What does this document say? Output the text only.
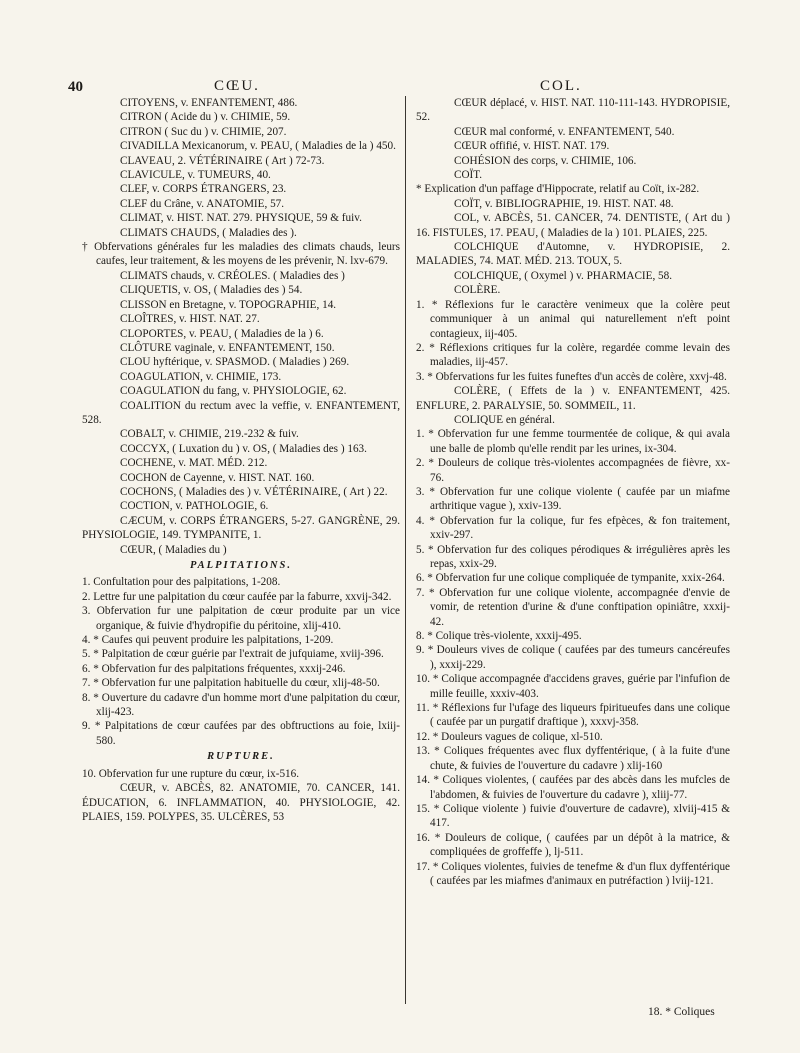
40	CŒU.	COL.

CITOYENS, v. ENFANTEMENT, 486.

CITRON ( Acide du ) v. CHIMIE, 59.

CITRON ( Suc du ) v. CHIMIE, 207.

CIVADILLA Mexicanorum, v. PEAU, ( Maladies de la ) 450.

CLAVEAU, 2. VÉTÉRINAIRE ( Art ) 72-73.

CLAVICULE, v. TUMEURS, 40.

CLEF, v. CORPS ÉTRANGERS, 23.

CLEF du Crâne, v. ANATOMIE, 57.

CLIMAT, v. HIST. NAT. 279. PHYSIQUE, 59 & fuiv.

CLIMATS CHAUDS, ( Maladies des ).

† Obfervations générales fur les maladies des climats chauds, leurs caufes, leur traitement, & les moyens de les prévenir, N. lxv-679.

CLIMATS chauds, v. CRÉOLES. ( Maladies des )

CLIQUETIS, v. OS, ( Maladies des ) 54.

CLISSON en Bretagne, v. TOPOGRAPHIE, 14.

CLOÎTRES, v. HIST. NAT. 27.

CLOPORTES, v. PEAU, ( Maladies de la ) 6.

CLÔTURE vaginale, v. ENFANTEMENT, 150.

CLOU hyftérique, v. SPASMOD. ( Maladies ) 269.

COAGULATION, v. CHIMIE, 173.

COAGULATION du fang, v. PHYSIOLOGIE, 62.

COALITION du rectum avec la veffie, v. ENFANTEMENT, 528.

COBALT, v. CHIMIE, 219.-232 & fuiv.

COCCYX, ( Luxation du ) v. OS, ( Maladies des ) 163.

COCHENE, v. MAT. MÉD. 212.

COCHON de Cayenne, v. HIST. NAT. 160.

COCHONS, ( Maladies des ) v. VÉTÉRINAIRE, ( Art ) 22.

COCTION, v. PATHOLOGIE, 6.

CÆCUM, v. CORPS ÉTRANGERS, 5-27. GANGRÈNE, 29. PHYSIOLOGIE, 149. TYMPANITE, 1.

CŒUR, ( Maladies du )

PALPITATIONS.

1. Confultation pour des palpitations, 1-208.

2. Lettre fur une palpitation du cœur caufée par la faburre, xxvij-342.

3. Obfervation fur une palpitation de cœur produite par un vice organique, & fuivie d'hydropifie du péritoine, xlij-410.

4. * Caufes qui peuvent produire les palpitations, 1-209.

5. * Palpitation de cœur guérie par l'extrait de jufquiame, xviij-396.

6. * Obfervation fur des palpitations fréquentes, xxxij-246.

7. * Obfervation fur une palpitation habituelle du cœur, xlij-48-50.

8. * Ouverture du cadavre d'un homme mort d'une palpitation du cœur, xlij-423.

9. * Palpitations de cœur caufées par des obftructions au foie, lxiij-580.

RUPTURE.

10. Obfervation fur une rupture du cœur, ix-516.

CŒUR, v. ABCÈS, 82. ANATOMIE, 70. CANCER, 141. ÉDUCATION, 6. INFLAMMATION, 40. PHYSIOLOGIE, 42. PLAIES, 159. POLYPES, 35. ULCÈRES, 53

CŒUR déplacé, v. HIST. NAT. 110-111-143. HYDROPISIE, 52.

CŒUR mal conformé, v. ENFANTEMENT, 540.

CŒUR offifié, v. HIST. NAT. 179.

COHÉSION des corps, v. CHIMIE, 106.

COÏT.

* Explication d'un paffage d'Hippocrate, relatif au Coït, ix-282.

COÏT, v. BIBLIOGRAPHIE, 19. HIST. NAT. 48.

COL, v. ABCÈS, 51. CANCER, 74. DENTISTE, ( Art du ) 16. FISTULES, 17. PEAU, ( Maladies de la ) 101. PLAIES, 225.

COLCHIQUE d'Automne, v. HYDROPISIE, 2. MALADIES, 74. MAT. MÉD. 213. TOUX, 5.

COLCHIQUE, ( Oxymel ) v. PHARMACIE, 58.

COLÈRE.

1. * Réflexions fur le caractère venimeux que la colère peut communiquer à un animal qui naturellement n'eft point contagieux, iij-405.

2. * Réflexions critiques fur la colère, regardée comme levain des maladies, iij-457.

3. * Obfervations fur les fuites funeftes d'un accès de colère, xxvj-48.

COLÈRE, ( Effets de la ) v. ENFANTEMENT, 425. ENFLURE, 2. PARALYSIE, 50. SOMMEIL, 11.

COLIQUE en général.

1. * Obfervation fur une femme tourmentée de colique, & qui avala une balle de plomb qu'elle rendit par les urines, ix-304.

2. * Douleurs de colique très-violentes accompagnées de fièvre, xx-76.

3. * Obfervation fur une colique violente ( caufée par un miafme arthritique vague ), xxiv-139.

4. * Obfervation fur la colique, fur fes efpèces, & fon traitement, xxiv-297.

5. * Obfervation fur des coliques pérodiques & irrégulières après les repas, xxix-29.

6. * Obfervation fur une colique compliquée de tympanite, xxix-264.

7. * Obfervation fur une colique violente, accompagnée d'envie de vomir, de retention d'urine & d'une conftipation opiniâtre, xxxij-42.

8. * Colique très-violente, xxxij-495.

9. * Douleurs vives de colique ( caufées par des tumeurs cancéreufes ), xxxij-229.

10. * Colique accompagnée d'accidens graves, guérie par l'infufion de mille feuille, xxxiv-403.

11. * Réflexions fur l'ufage des liqueurs fpiritueufes dans une colique ( caufée par un purgatif draftique ), xxxvj-358.

12. * Douleurs vagues de colique, xl-510.

13. * Coliques fréquentes avec flux dyffentérique, ( à la fuite d'une chute, & fuivies de l'ouverture du cadavre ) xlij-160

14. * Coliques violentes, ( caufées par des abcès dans les mufcles de l'abdomen, & fuivies de l'ouverture du cadavre ), xliij-77.

15. * Colique violente ) fuivie d'ouverture de cadavre), xlviij-415 & 417.

16. * Douleurs de colique, ( caufées par un dépôt à la matrice, & compliquées de groffeffe ), lj-511.

17. * Coliques violentes, fuivies de tenefme & d'un flux dyffentérique ( caufées par les miafmes d'animaux en putréfaction ) lviij-121.

18. * Coliques
